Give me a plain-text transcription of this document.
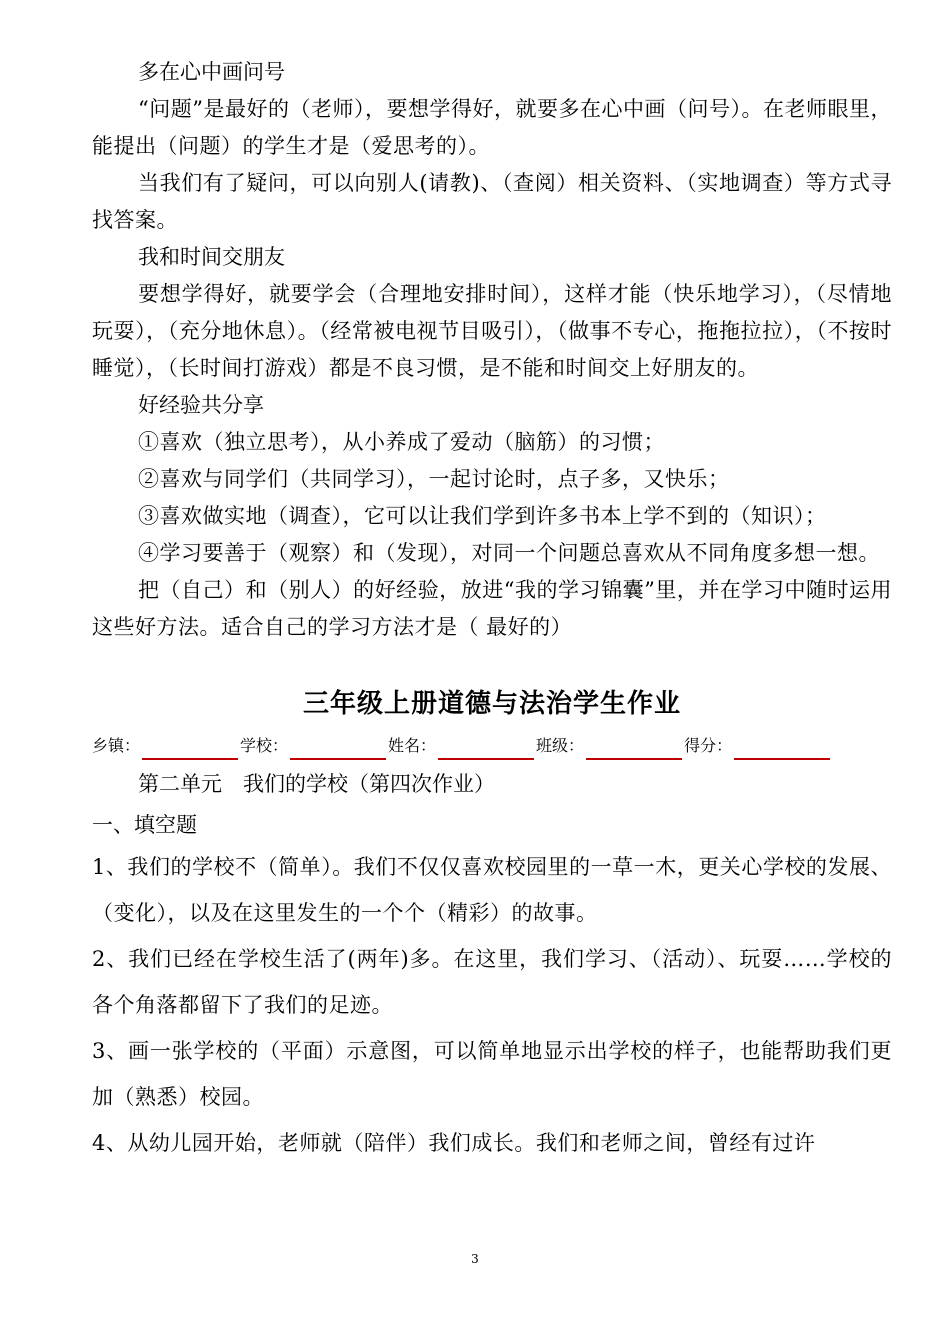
多在心中画问号

“问题”是最好的（老师），要想学得好，就要多在心中画（问号）。在老师眼里，能提出（问题）的学生才是（爱思考的）。

当我们有了疑问，可以向别人(请教)、（查阅）相关资料、（实地调查）等方式寻找答案。

我和时间交朋友

要想学得好，就要学会（合理地安排时间），这样才能（快乐地学习），（尽情地玩耍），（充分地休息）。（经常被电视节目吸引），（做事不专心，拖拖拉拉），（不按时睡觉），（长时间打游戏）都是不良习惯，是不能和时间交上好朋友的。

好经验共分享

①喜欢（独立思考），从小养成了爱动（脑筋）的习惯；

②喜欢与同学们（共同学习），一起讨论时，点子多，又快乐；

③喜欢做实地（调查），它可以让我们学到许多书本上学不到的（知识）；

④学习要善于（观察）和（发现），对同一个问题总喜欢从不同角度多想一想。

把（自己）和（别人）的好经验，放进“我的学习锦囊”里，并在学习中随时运用这些好方法。适合自己的学习方法才是（ 最好的）

三年级上册道德与法治学生作业
乡镇：	学校：	姓名：	班级：	得分：

第二单元　我们的学校（第四次作业）

一、填空题

1、我们的学校不（简单）。我们不仅仅喜欢校园里的一草一木，更关心学校的发展、（变化），以及在这里发生的一个个（精彩）的故事。

2、我们已经在学校生活了(两年)多。在这里，我们学习、（活动）、玩耍……学校的各个角落都留下了我们的足迹。

3、画一张学校的（平面）示意图，可以简单地显示出学校的样子，也能帮助我们更加（熟悉）校园。

4、从幼儿园开始，老师就（陪伴）我们成长。我们和老师之间，曾经有过许

3
